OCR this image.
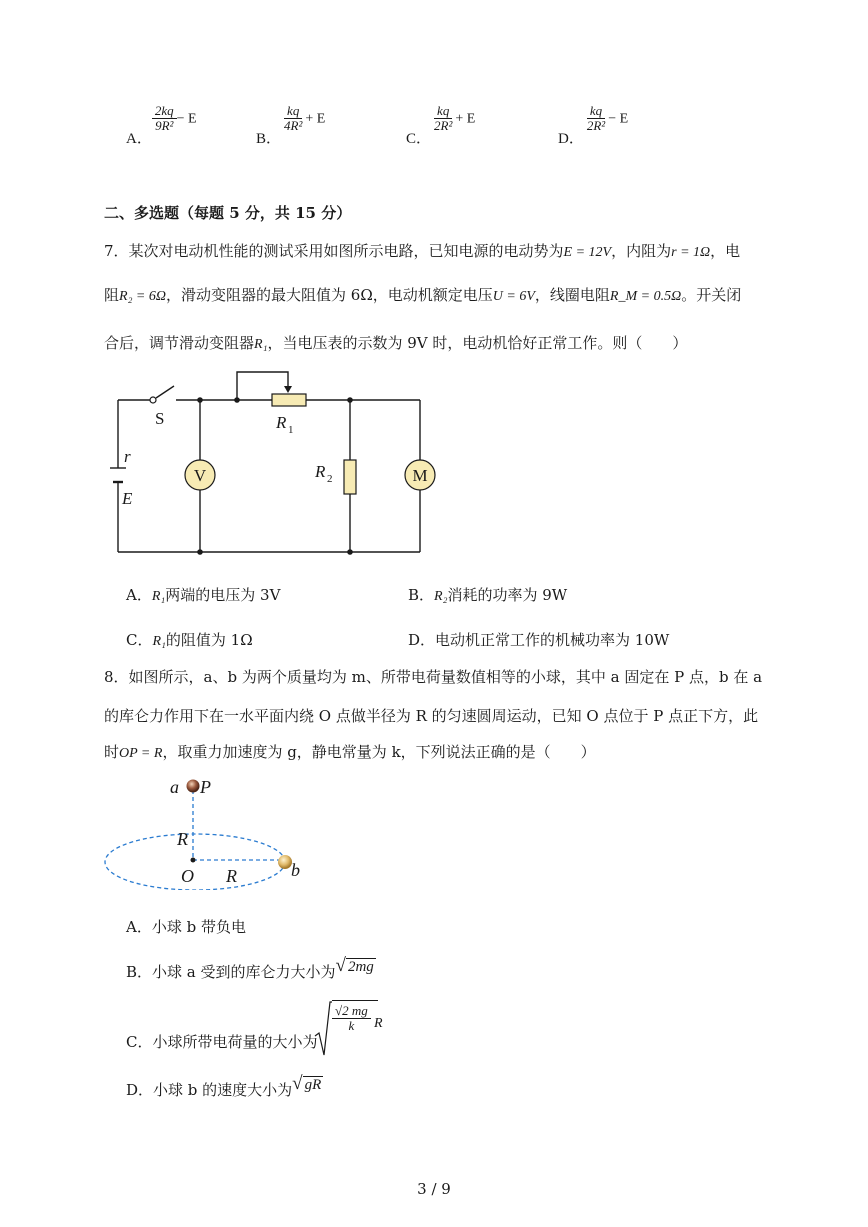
A．
$\frac{2kq}{\text{9R²}} - E$
B．
$\frac{kq}{\text{4R²}} + E$
C．
$\frac{kq}{\text{2R²}} + E$
D．
$\frac{kq}{\text{2R²}} - E$
二、多选题（每题 5 分，共 15 分）
7．某次对电动机性能的测试采用如图所示电路，已知电源的电动势为E = 12V，内阻为r = 1Ω，电
阻R₂ = 6Ω，滑动变阻器的最大阻值为 6Ω，电动机额定电压U = 6V，线圈电阻R_M = 0.5Ω。开关闭
合后，调节滑动变阻器R₁，当电压表的示数为 9V 时，电动机恰好正常工作。则（　　）
V	M
S	R 1
R 2
r
E
A．R₁两端的电压为 3V	B．R₂消耗的功率为 9W
C．R₁的阻值为 1Ω	D．电动机正常工作的机械功率为 10W
8．如图所示，a、b 为两个质量均为 m、所带电荷量数值相等的小球，其中 a 固定在 P 点，b 在 a
的库仑力作用下在一水平面内绕 O 点做半径为 R 的匀速圆周运动，已知 O 点位于 P 点正下方，此
时OP = R，取重力加速度为 g，静电常量为 k，下列说法正确的是（　　）
a P
R
O R	b
A．小球 b 带负电
B．小球 a 受到的库仑力大小为√ 2mg
C．小球所带电荷量的大小为
$\frac{√2 mg}{k}$ R
D．小球 b 的速度大小为√ gR
3 / 9
